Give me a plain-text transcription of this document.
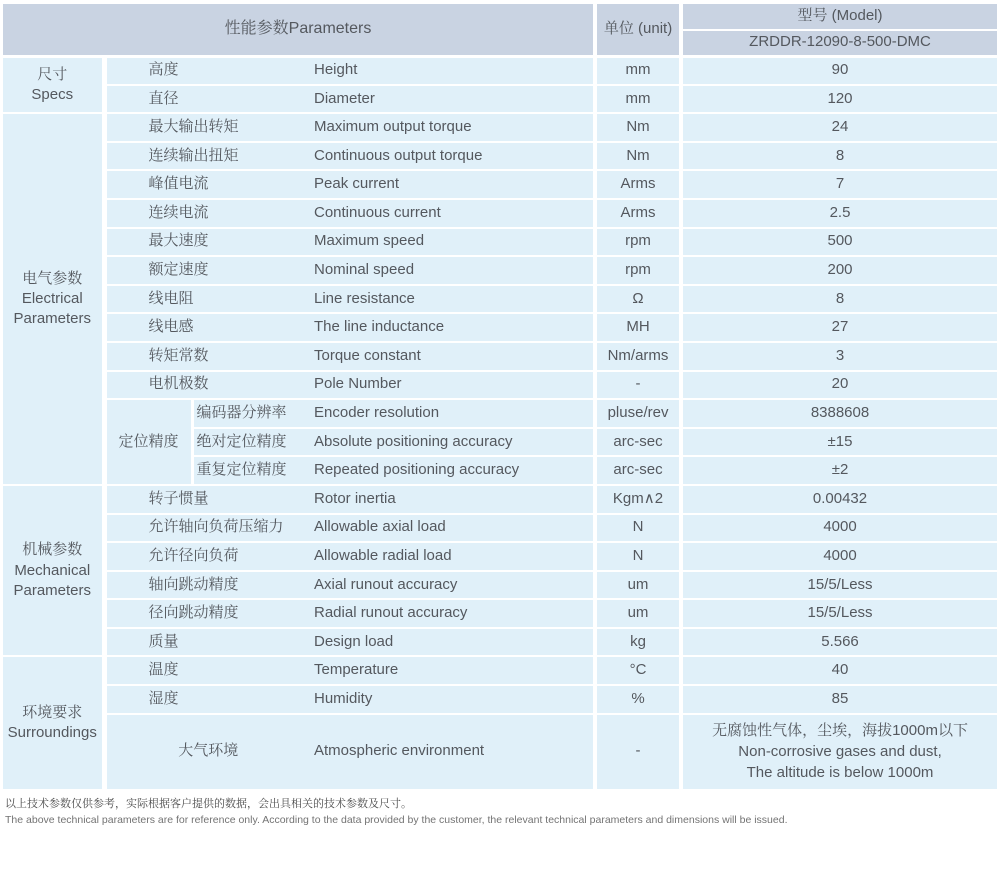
性能参数Parameters				单位 (unit)	型号 (Model)
					ZRDDR-12090-8-500-DMC

尺寸
Specs	高度		Height	mm	90
	直径		Diameter	mm	120

电气参数
Electrical Parameters	最大输出转矩		Maximum output torque	Nm	24
	连续输出扭矩		Continuous output torque	Nm	8
	峰值电流		Peak current	Arms	7
	连续电流		Continuous current	Arms	2.5
	最大速度		Maximum speed	rpm	500
	额定速度		Nominal speed	rpm	200
	线电阻		Line resistance	Ω	8
	线电感		The line inductance	MH	27
	转矩常数		Torque constant	Nm/arms	3
	电机极数		Pole Number	-	20
	定位精度	编码器分辨率	Encoder resolution	pluse/rev	8388608
		绝对定位精度	Absolute positioning accuracy	arc-sec	±15
		重复定位精度	Repeated positioning accuracy	arc-sec	±2

机械参数
Mechanical Parameters	转子惯量		Rotor inertia	Kgm∧2	0.00432
	允许轴向负荷压缩力		Allowable axial load	N	4000
	允许径向负荷		Allowable radial load	N	4000
	轴向跳动精度		Axial runout accuracy	um	15/5/Less
	径向跳动精度		Radial runout accuracy	um	15/5/Less
	质量		Design load	kg	5.566

环境要求
Surroundings	温度		Temperature	°C	40
	湿度		Humidity	%	85
	大气环境		Atmospheric environment	-	无腐蚀性气体，尘埃，海拔1000m以下
Non-corrosive gases and dust,
The altitude is below 1000m
以上技术参数仅供参考，实际根据客户提供的数据，会出具相关的技术参数及尺寸。
The above technical parameters are for reference only. According to the data provided by the customer, the relevant technical parameters and dimensions will be issued.
